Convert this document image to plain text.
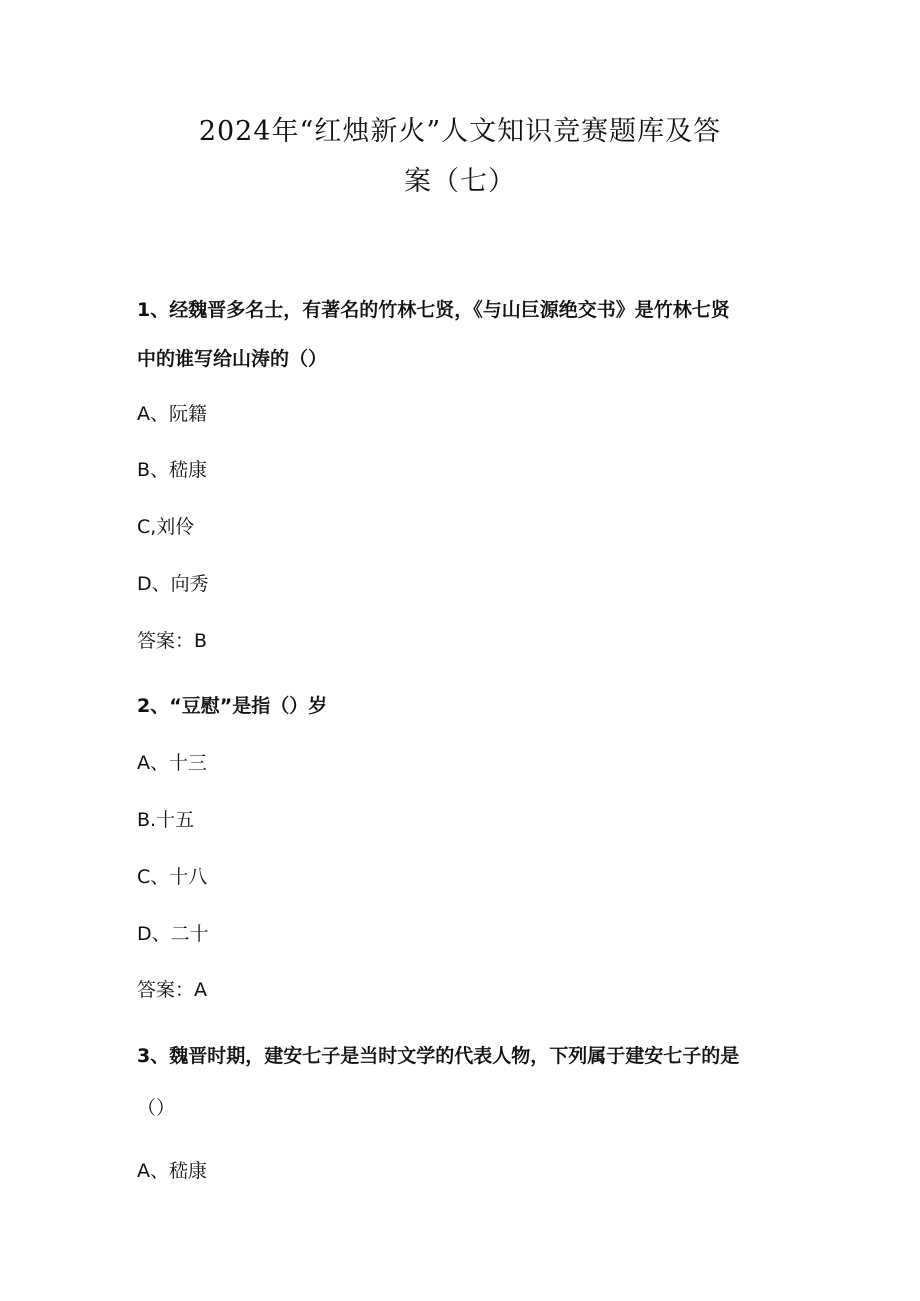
2024年“红烛新火”人文知识竞赛题库及答
案（七）
1、经魏晋多名士，有著名的竹林七贤，《与山巨源绝交书》是竹林七贤
中的谁写给山涛的（）
A、阮籍
B、嵇康
C,刘伶
D、向秀
答案：B
2、“豆慰”是指（）岁
A、十三
B.十五
C、十八
D、二十
答案：A
3、魏晋时期，建安七子是当时文学的代表人物，下列属于建安七子的是
（）
A、嵇康
